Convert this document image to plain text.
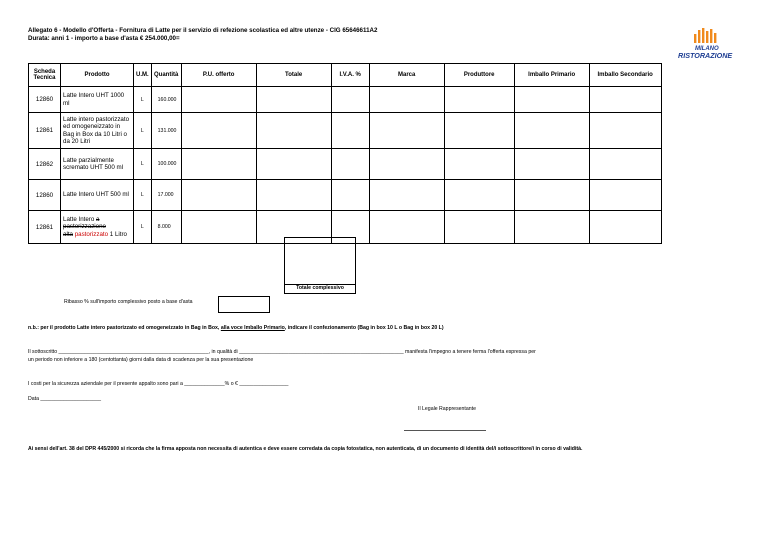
Allegato 6 - Modello d'Offerta - Fornitura di Latte per il servizio di refezione scolastica ed altre utenze - CIG 65646611A2
Durata: anni 1 - importo a base d'asta € 254.000,00=
MILANO
RISTORAZIONE
Scheda Tecnica	Prodotto	U.M.	Quantità	P.U. offerto	Totale	I.V.A. %	Marca	Produttore	Imballo Primario	Imballo Secondario
12860	Latte Intero UHT 1000 ml	L	160.000							
12861	Latte intero pastorizzato ed omogeneizzato in Bag in Box da 10 Litri o da 20 Litri	L	131.000							
12862	Latte parzialmente scremato UHT 500 ml	L	100.000							
12860	Latte Intero UHT 500 ml	L	17.000							
12861	Latte Intero a pastorizzazione
alta pastorizzato 1 Litro	L	8.000							
Totale complessivo
Ribasso % sull'importo complessivo posto a base d'asta
n.b.: per il prodotto Latte intero pastorizzato ed omogeneizzato in Bag in Box, alla voce Imballo Primario, indicare il confezionamento (Bag in box 10 L o Bag in box 20 L)
Il sottoscritto ____________________________________________________, in qualità di _________________________________________________________ manifesta l'impegno a tenere ferma l'offerta espressa per
un periodo non inferiore a 180 (centottanta) giorni dalla data di scadenza per la sua presentazione
I costi per la sicurezza aziendale per il presente appalto sono pari a ______________% o € _________________
Data _____________________
Il Legale Rappresentante
Ai sensi dell'art. 38 del DPR 445/2000 si ricorda che la firma apposta non necessita di autentica e deve essere corredata da copia fotostatica, non autenticata, di un documento di identità del/i sottoscrittore/i in corso di validità.
